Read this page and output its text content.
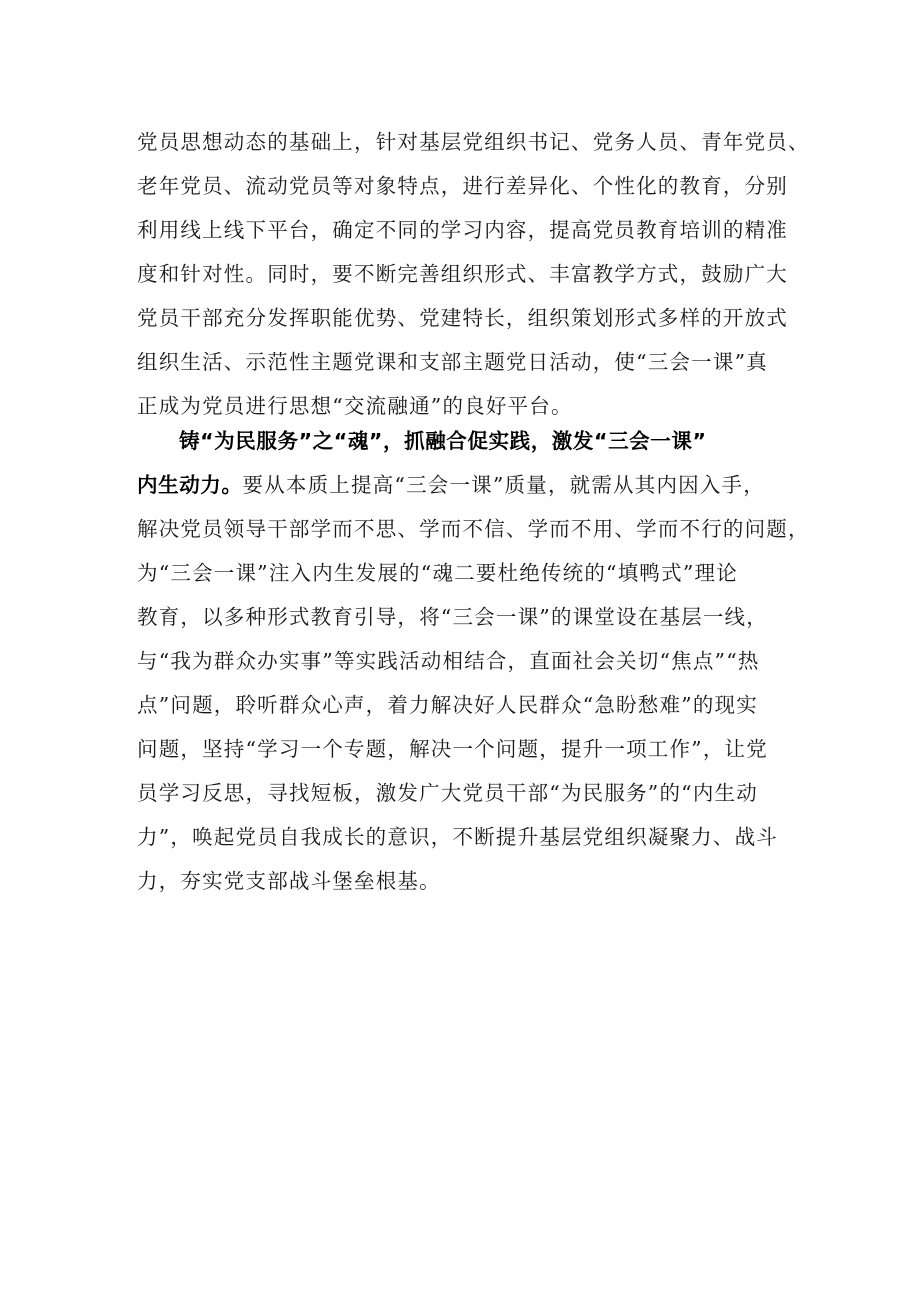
党员思想动态的基础上，针对基层党组织书记、党务人员、青年党员、
老年党员、流动党员等对象特点，进行差异化、个性化的教育，分别
利用线上线下平台，确定不同的学习内容，提高党员教育培训的精准
度和针对性。同时，要不断完善组织形式、丰富教学方式，鼓励广大
党员干部充分发挥职能优势、党建特长，组织策划形式多样的开放式
组织生活、示范性主题党课和支部主题党日活动，使“三会一课”真
正成为党员进行思想“交流融通”的良好平台。
铸“为民服务”之“魂”，抓融合促实践，激发“三会一课”
内生动力。要从本质上提高“三会一课”质量，就需从其内因入手，
解决党员领导干部学而不思、学而不信、学而不用、学而不行的问题，
为“三会一课”注入内生发展的“魂二要杜绝传统的“填鸭式”理论
教育，以多种形式教育引导，将“三会一课”的课堂设在基层一线，
与“我为群众办实事”等实践活动相结合，直面社会关切“焦点”“热
点”问题，聆听群众心声，着力解决好人民群众“急盼愁难”的现实
问题，坚持“学习一个专题，解决一个问题，提升一项工作”，让党
员学习反思，寻找短板，激发广大党员干部“为民服务”的“内生动
力”，唤起党员自我成长的意识，不断提升基层党组织凝聚力、战斗
力，夯实党支部战斗堡垒根基。
